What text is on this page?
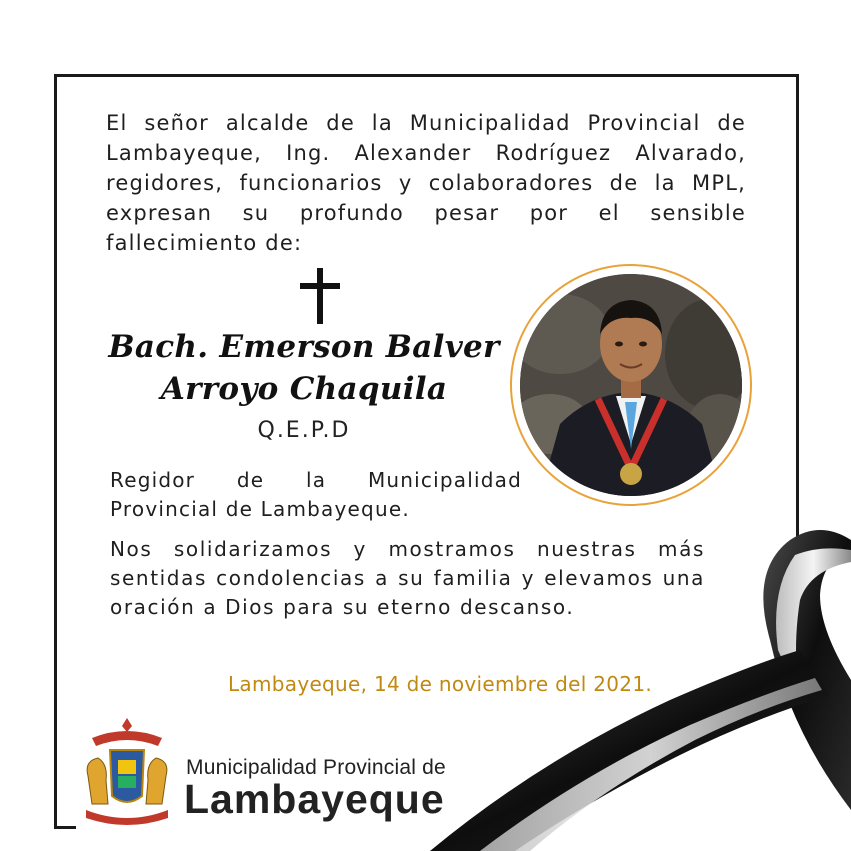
El señor alcalde de la Municipalidad Provincial de Lambayeque, Ing. Alexander Rodríguez Alvarado, regidores, funcionarios y colaboradores de la MPL, expresan su profundo pesar por el sensible fallecimiento de:

Bach. Emerson Balver
Arroyo Chaquila

Q.E.P.D

Regidor de la Municipalidad Provincial de Lambayeque.

Nos solidarizamos y mostramos nuestras más sentidas condolencias a su familia y elevamos una oración a Dios para su eterno descanso.

Lambayeque, 14 de noviembre del 2021.
Municipalidad Provincial de
Lambayeque
